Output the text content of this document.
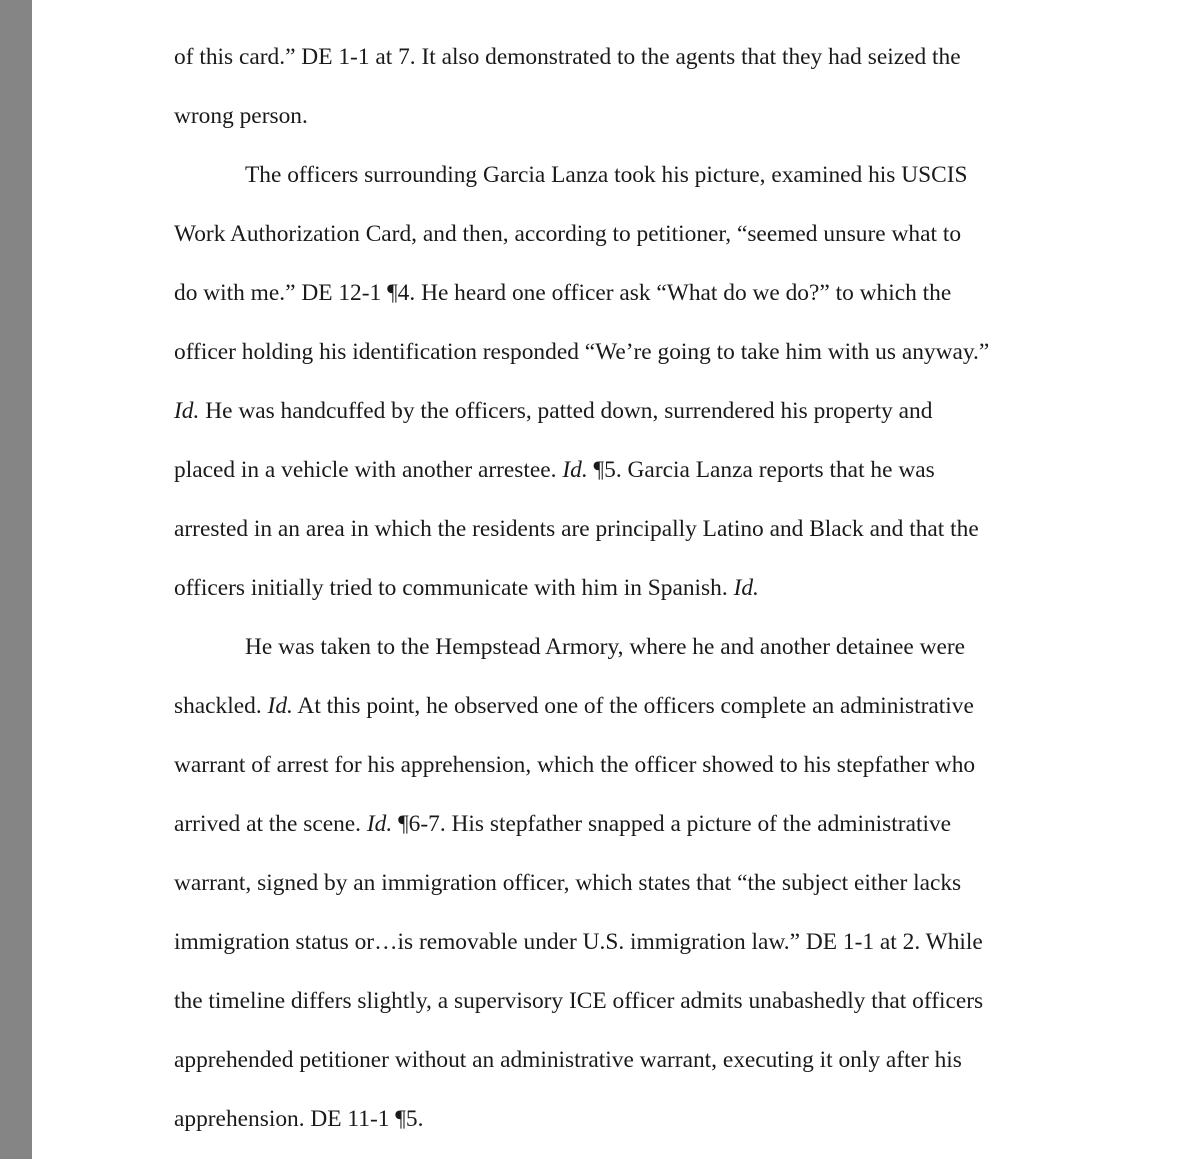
of this card.” DE 1-1 at 7. It also demonstrated to the agents that they had seized the
wrong person.
The officers surrounding Garcia Lanza took his picture, examined his USCIS
Work Authorization Card, and then, according to petitioner, “seemed unsure what to
do with me.” DE 12-1 ¶4. He heard one officer ask “What do we do?” to which the
officer holding his identification responded “We’re going to take him with us anyway.”
Id. He was handcuffed by the officers, patted down, surrendered his property and
placed in a vehicle with another arrestee. Id. ¶5. Garcia Lanza reports that he was
arrested in an area in which the residents are principally Latino and Black and that the
officers initially tried to communicate with him in Spanish. Id.
He was taken to the Hempstead Armory, where he and another detainee were
shackled. Id. At this point, he observed one of the officers complete an administrative
warrant of arrest for his apprehension, which the officer showed to his stepfather who
arrived at the scene. Id. ¶6-7. His stepfather snapped a picture of the administrative
warrant, signed by an immigration officer, which states that “the subject either lacks
immigration status or…is removable under U.S. immigration law.” DE 1-1 at 2. While
the timeline differs slightly, a supervisory ICE officer admits unabashedly that officers
apprehended petitioner without an administrative warrant, executing it only after his
apprehension. DE 11-1 ¶5.
